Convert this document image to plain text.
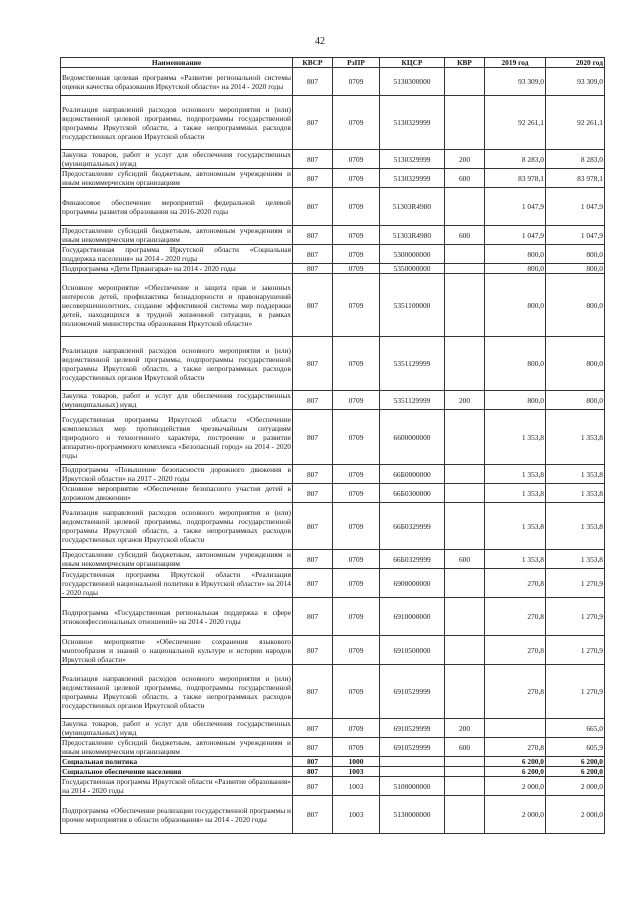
42
Наименование	КВСР	РзПР	КЦСР	КВР	2019 год	2020 год
Ведомственная целевая программа «Развитие региональной системы оценки качества образования Иркутской области» на 2014 - 2020 годы	807	0709	5130300000		93 309,0	93 309,0
Реализация направлений расходов основного мероприятия и (или) ведомственной целевой программы, подпрограммы государственной программы Иркутской области, а также непрограммных расходов государственных органов Иркутской области	807	0709	5130329999		92 261,1	92 261,1
Закупка товаров, работ и услуг для обеспечения государственных (муниципальных) нужд	807	0709	5130329999	200	8 283,0	8 283,0
Предоставление субсидий бюджетным, автономным учреждениям и иным некоммерческим организациям	807	0709	5130329999	600	83 978,1	83 978,1
Финансовое обеспечение мероприятий федеральной целевой программы развития образования на 2016-2020 годы	807	0709	51303R4980		1 047,9	1 047,9
Предоставление субсидий бюджетным, автономным учреждениям и иным некоммерческим организациям	807	0709	51303R4980	600	1 047,9	1 047,9
Государственная программа Иркутской области «Социальная поддержка населения» на 2014 - 2020 годы	807	0709	5300000000		800,0	800,0
Подпрограмма «Дети Приангарья» на 2014 - 2020 годы	807	0709	5350000000		800,0	800,0
Основное мероприятие «Обеспечение и защита прав и законных интересов детей, профилактика безнадзорности и правонарушений несовершеннолетних, создание эффективной системы мер поддержки детей, находящихся в трудной жизненной ситуации, в рамках полномочий министерства образования Иркутской области»	807	0709	5351100000		800,0	800,0
Реализация направлений расходов основного мероприятия и (или) ведомственной целевой программы, подпрограммы государственной программы Иркутской области, а также непрограммных расходов государственных органов Иркутской области	807	0709	5351129999		800,0	800,0
Закупка товаров, работ и услуг для обеспечения государственных (муниципальных) нужд	807	0709	5351129999	200	800,0	800,0
Государственная программа Иркутской области «Обеспечение комплексных мер противодействия чрезвычайным ситуациям природного и техногенного характера, построение и развитие аппаратно-программного комплекса «Безопасный город» на 2014 - 2020 годы	807	0709	6600000000		1 353,8	1 353,8
Подпрограмма «Повышение безопасности дорожного движения в Иркутской области» на 2017 - 2020 годы	807	0709	66Б0000000		1 353,8	1 353,8
Основное мероприятие «Обеспечение безопасного участия детей в дорожном движении»	807	0709	66Б0300000		1 353,8	1 353,8
Реализация направлений расходов основного мероприятия и (или) ведомственной целевой программы, подпрограммы государственной программы Иркутской области, а также непрограммных расходов государственных органов Иркутской области	807	0709	66Б0329999		1 353,8	1 353,8
Предоставление субсидий бюджетным, автономным учреждениям и иным некоммерческим организациям	807	0709	66Б0329999	600	1 353,8	1 353,8
Государственная программа Иркутской области «Реализация государственной национальной политики в Иркутской области» на 2014 - 2020 годы	807	0709	6900000000		270,8	1 270,9
Подпрограмма «Государственная региональная поддержка в сфере этноконфессиональных отношений» на 2014 - 2020 годы	807	0709	6910000000		270,8	1 270,9
Основное мероприятие «Обеспечение сохранения языкового многообразия и знаний о национальной культуре и истории народов Иркутской области»	807	0709	6910500000		270,8	1 270,9
Реализация направлений расходов основного мероприятия и (или) ведомственной целевой программы, подпрограммы государственной программы Иркутской области, а также непрограммных расходов государственных органов Иркутской области	807	0709	6910529999		270,8	1 270,9
Закупка товаров, работ и услуг для обеспечения государственных (муниципальных) нужд	807	0709	6910529999	200		665,0
Предоставление субсидий бюджетным, автономным учреждениям и иным некоммерческим организациям	807	0709	6910529999	600	270,8	605,9
Социальная политика	807	1000			6 200,0	6 200,0
Социальное обеспечение населения	807	1003			6 200,0	6 200,0
Государственная программа Иркутской области «Развитие образования» на 2014 - 2020 годы	807	1003	5100000000		2 000,0	2 000,0
Подпрограмма «Обеспечение реализации государственной программы и прочие мероприятия в области образования» на 2014 - 2020 годы	807	1003	5130000000		2 000,0	2 000,0
